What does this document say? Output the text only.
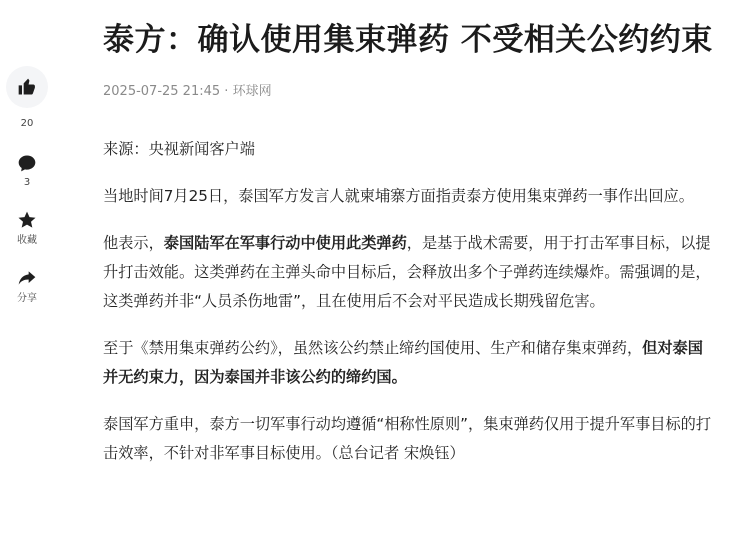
20
3
收藏
分享
泰方：确认使用集束弹药 不受相关公约约束
2025-07-25 21:45 · 环球网

来源：央视新闻客户端

当地时间7月25日，泰国军方发言人就柬埔寨方面指责泰方使用集束弹药一事作出回应。

他表示，泰国陆军在军事行动中使用此类弹药，是基于战术需要，用于打击军事目标，以提升打击效能。这类弹药在主弹头命中目标后，会释放出多个子弹药连续爆炸。需强调的是，这类弹药并非“人员杀伤地雷”，且在使用后不会对平民造成长期残留危害。

至于《禁用集束弹药公约》，虽然该公约禁止缔约国使用、生产和储存集束弹药，但对泰国并无约束力，因为泰国并非该公约的缔约国。

泰国军方重申，泰方一切军事行动均遵循“相称性原则”，集束弹药仅用于提升军事目标的打击效率，不针对非军事目标使用。（总台记者 宋焕钰）
